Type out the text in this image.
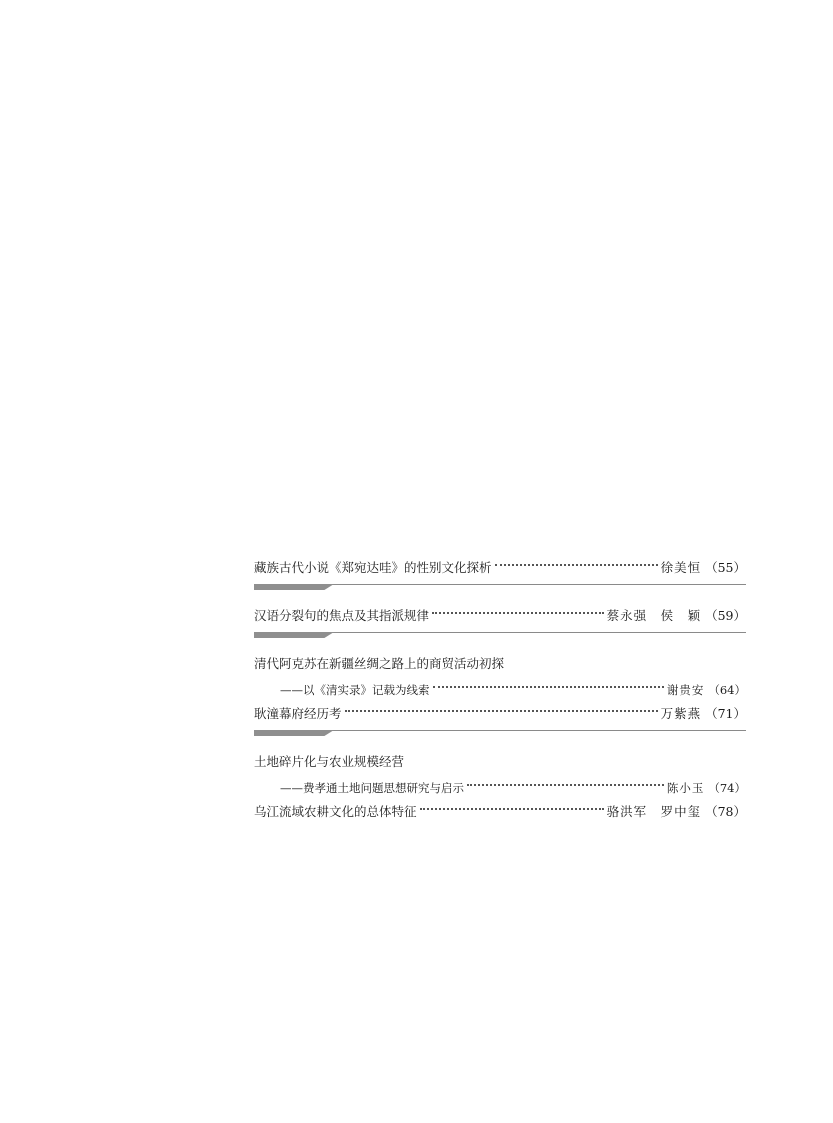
藏族古代小说《郑宛达哇》的性别文化探析	徐美恒 （55）
汉语分裂句的焦点及其指派规律	蔡永强　侯　颖 （59）
清代阿克苏在新疆丝绸之路上的商贸活动初探
——以《清实录》记载为线索	谢贵安 （64）
耿潼幕府经历考	万紫燕 （71）
土地碎片化与农业规模经营
——费孝通土地问题思想研究与启示	陈小玉 （74）
乌江流域农耕文化的总体特征	骆洪军　罗中玺 （78）
